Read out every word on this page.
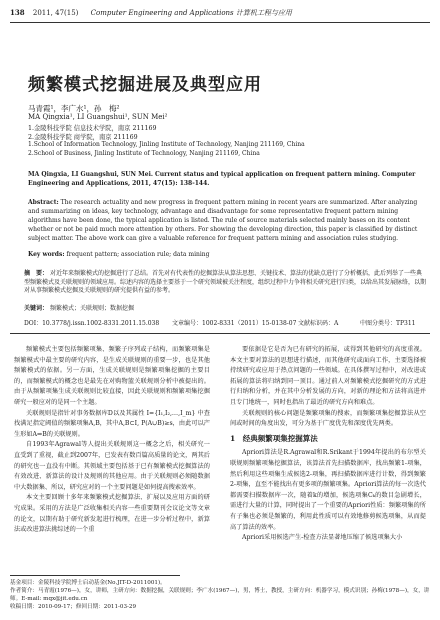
138 2011, 47(15) Computer Engineering and Applications 计算机工程与应用
频繁模式挖掘进展及典型应用
马青霞¹，李广水¹，孙　梅²
MA Qingxia¹, LI Guangshui¹, SUN Mei²
1.金陵科技学院 信息技术学院，南京 211169
2.金陵科技学院 商学院，南京 211169
1.School of Information Technology, Jinling Institute of Technology, Nanjing 211169, China
2.School of Business, Jinling Institute of Technology, Nanjing 211169, China
MA Qingxia, LI Guangshui, SUN Mei. Current status and typical application on frequent pattern mining. Computer Engineering and Applications, 2011, 47(15): 138-144.
Abstract: The research actuality and new progress in frequent pattern mining in recent years are summarized. After analyzing and summarizing on ideas, key technology, advantage and disadvantage for some representative frequent pattern mining algorithms have been done, the typical application is listed. The rule of source materials selected mainly bases on its content whether or not be paid much more attention by others. For showing the developing direction, this paper is classified by distinct subject matter. The above work can give a valuable reference for frequent pattern mining and association rules studying.
Key words: frequent pattern; association rule; data mining
摘　要： 对近年来频繁模式的挖掘进行了总结。首先对有代表性的挖掘算法从算法思想、关键技术、算法的优缺点进行了分析概括，此后列举了一些典型频繁模式及关联规则的领域应用。综述内容的选择主要基于一个研究领域被关注程度，组织过程中力争将相关研究进行归类，以给出其发展脉络，以期对从事频繁模式挖掘及关联规则的研究提供有益的参考。
关键词： 频繁模式；关联规则；数据挖掘
DOI：10.3778/j.issn.1002-8331.2011.15.038 文章编号：1002-8331（2011）15-0138-07 文献标识码：A	中图分类号：TP311

频繁模式主要包括频繁项集、频繁子序列或子结构，而频繁项集是频繁模式中最主要的研究内容，是生成关联规则的重要一步，也是其他频繁模式的依据。另一方面，生成关联规则是频繁项集挖掘的主要目的，而频繁模式的概念也是最先在对购物篮关联规则分析中被提出的。由于从频繁项集生成关联规则比较直接，因此关联规则和频繁项集挖掘研究一般应对的是同一个主题。

关联规则是指针对事务数据库D以及其属性 I={I₁,I₂,…,I_m} 中查找满足指定阈值的频繁项集A,B，其中A,B⊂I, P(A∪B)≥s，由此可以产生形如A⇒B的关联规则。

自1993年Agrawal等人提出关联规则这一概念之后，相关研究一直受到了重视，截止到2007年，已发表有数百篇高质量的论文，两其后的研究也一直没有中断。其领域主要包括基于已有频繁模式挖掘算法的有效改进、新算法的设计及规则的其他应用。由于关联规则必须随数据中大数据集、所以，研究应对的一个主要问题是如何提高搜索效率。

本文主要回顾十多年来频繁模式挖掘算法、扩展以及应用方面的研究成果。采用的方法是广泛收集相关内容一些重要期刊会议论文等文章的论文，以期有助于研究新发起进行梳理，在进一步分析过程中，新算法或改进算法挑综述的一个重

要依据是它是否为已有研究的拓展，或得到其他研究的高度重视。本文主要对算法的思想进行描述，而其他研究或面向工作，主要选择被持续研究或应用于热点问题的一些领域。在具体撰写过程中，对改进或拓展的算法将归纳到同一顶目。通过前人对频繁模式挖掘研究的方式进行归纳和分析，并在其中分析发展的方向，对新的理论和方法将高进并且专门地统一，同时也指出了最近的研究方向和难点。

关联规则的核心问题是频繁项集的搜索，而频繁项集挖掘算法从空间或时间的角度出发，可分为基于广度优先和深度优先两类。

1　经典频繁项集挖掘算法

Apriori算法是R.Agrawal和R.Srikant于1994年提出的布尔型关联规则频繁项集挖掘算法，该算法首先扫描数据库，找出频繁1-项集，然后利用这些项集生成候选2-项集，再扫描数据库进行计数，得到频繁2-项集，直至不能找出有更多项的频繁项集。Apriori算法的每一次迭代都需要扫描数据库一次，随着k的增加，候选项集Cₖ的数目急剧增长，需进行大量的计算，同时提出了一个重要的Apriori性质：频繁项集的所有子集也必须是频繁的，利用此性质可以有效地修剪候选项集，从而提高了算法的效率。

Apriori采用候选产生-检查方法显著地压缩了候选项集大小

基金项目：金陵科技学院博士启动基金(No.JIT-D-2011001)。
作者简介：马青霞(1976—)，女，讲师，主研方向：数据挖掘，关联规则；李广水(1967—)，男，博士，教授，主研方向：机器学习，模式识别；孙梅(1978—)，女，讲师。E-mail: mqx@jit.edu.cn
收稿日期：2010-09-17；修回日期：2011-03-29
